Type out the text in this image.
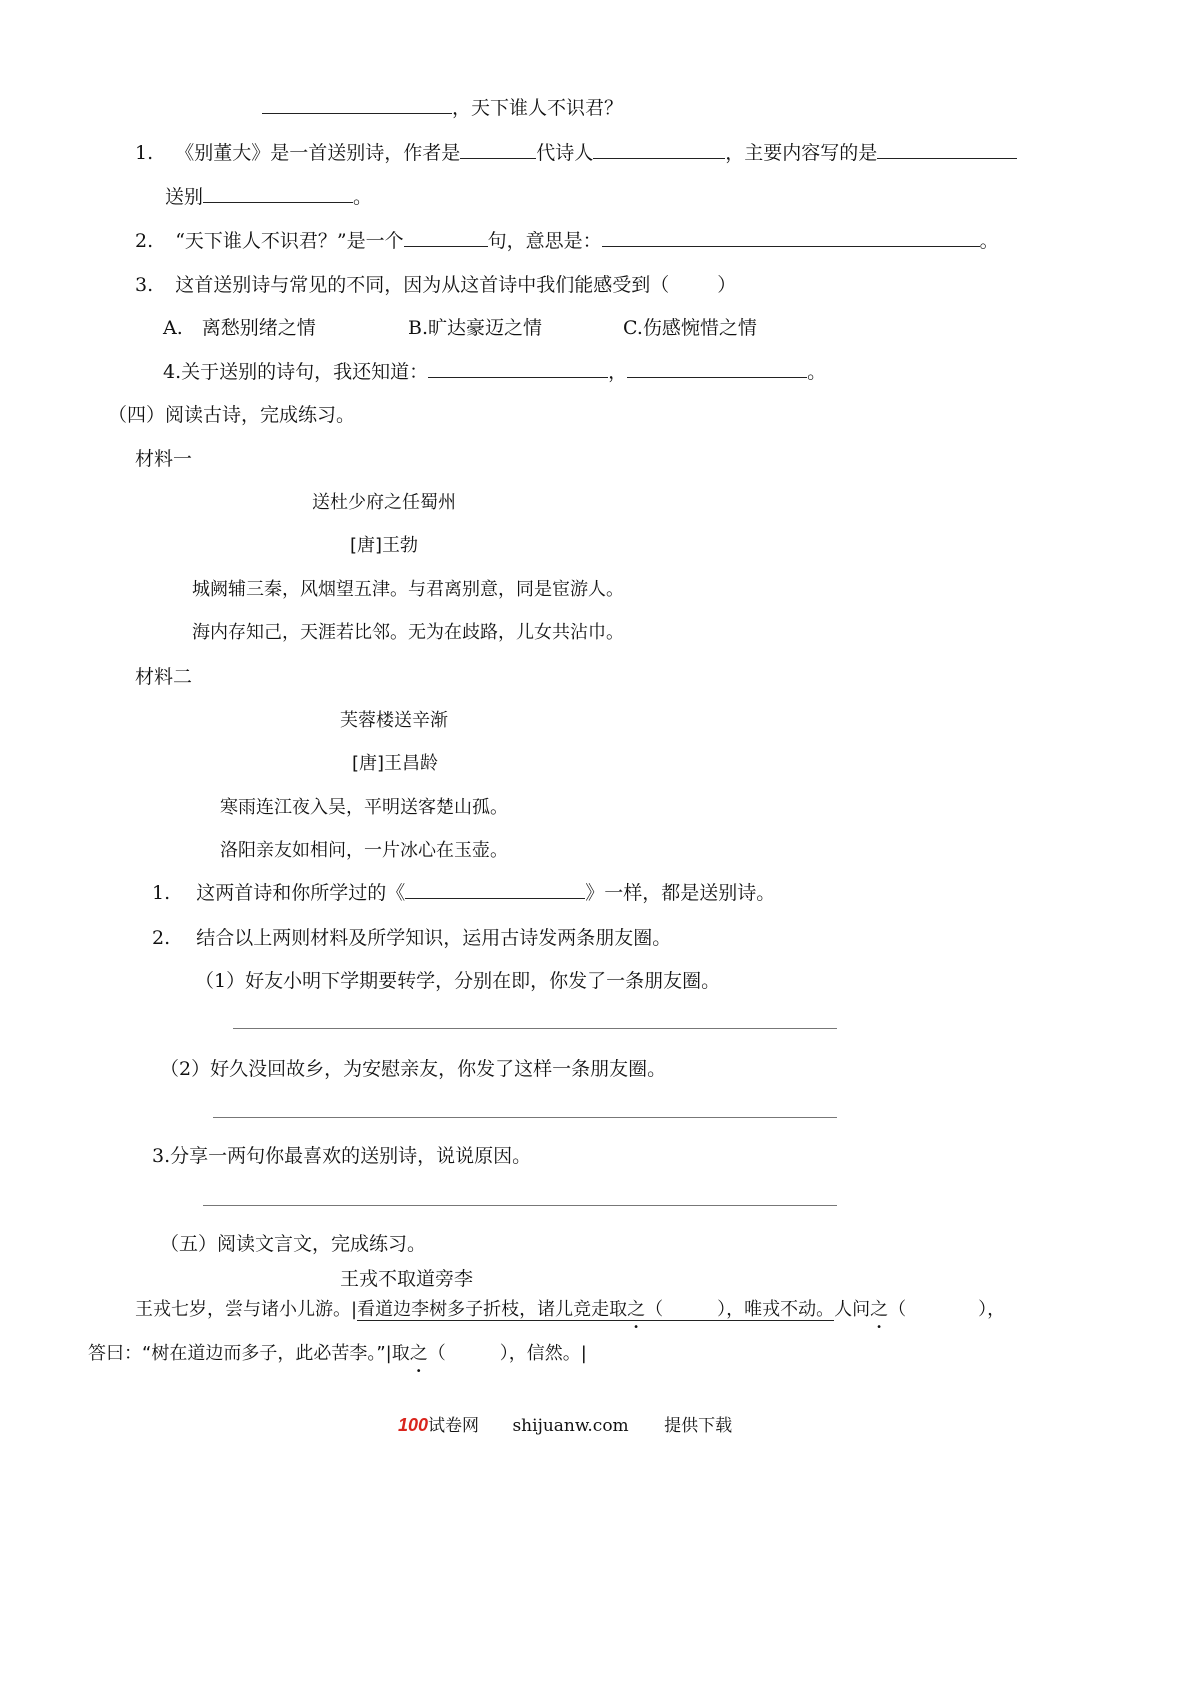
，天下谁人不识君？
1. 《别董大》是一首送别诗，作者是	代诗人	，主要内容写的是
送别	。
2. “天下谁人不识君？”是一个	句，意思是：	。
3. 这首送别诗与常见的不同，因为从这首诗中我们能感受到（	）
A.　离愁别绪之情	B.旷达豪迈之情	C.伤感惋惜之情
4.关于送别的诗句，我还知道：	，	。
（四）阅读古诗，完成练习。
材料一
送杜少府之任蜀州
[唐]王勃
城阙辅三秦，风烟望五津。与君离别意，同是宦游人。
海内存知己，天涯若比邻。无为在歧路，儿女共沾巾。
材料二
芙蓉楼送辛渐
[唐]王昌龄
寒雨连江夜入吴，平明送客楚山孤。
洛阳亲友如相问，一片冰心在玉壶。
1. 这两首诗和你所学过的《	》一样，都是送别诗。
2. 结合以上两则材料及所学知识，运用古诗发两条朋友圈。
（1）好友小明下学期要转学，分别在即，你发了一条朋友圈。
（2）好久没回故乡，为安慰亲友，你发了这样一条朋友圈。
3.分享一两句你最喜欢的送别诗，说说原因。
（五）阅读文言文，完成练习。
王戎不取道旁李
王戎七岁，尝与诸小儿游。|看道边李树多子折枝，诸儿竞走取之（　　　），唯戎不动。人问之（　　　　），
答曰：“树在道边而多子，此必苦李。”|取之（　　　），信然。|
100试卷网 shijuanw.com 提供下载
